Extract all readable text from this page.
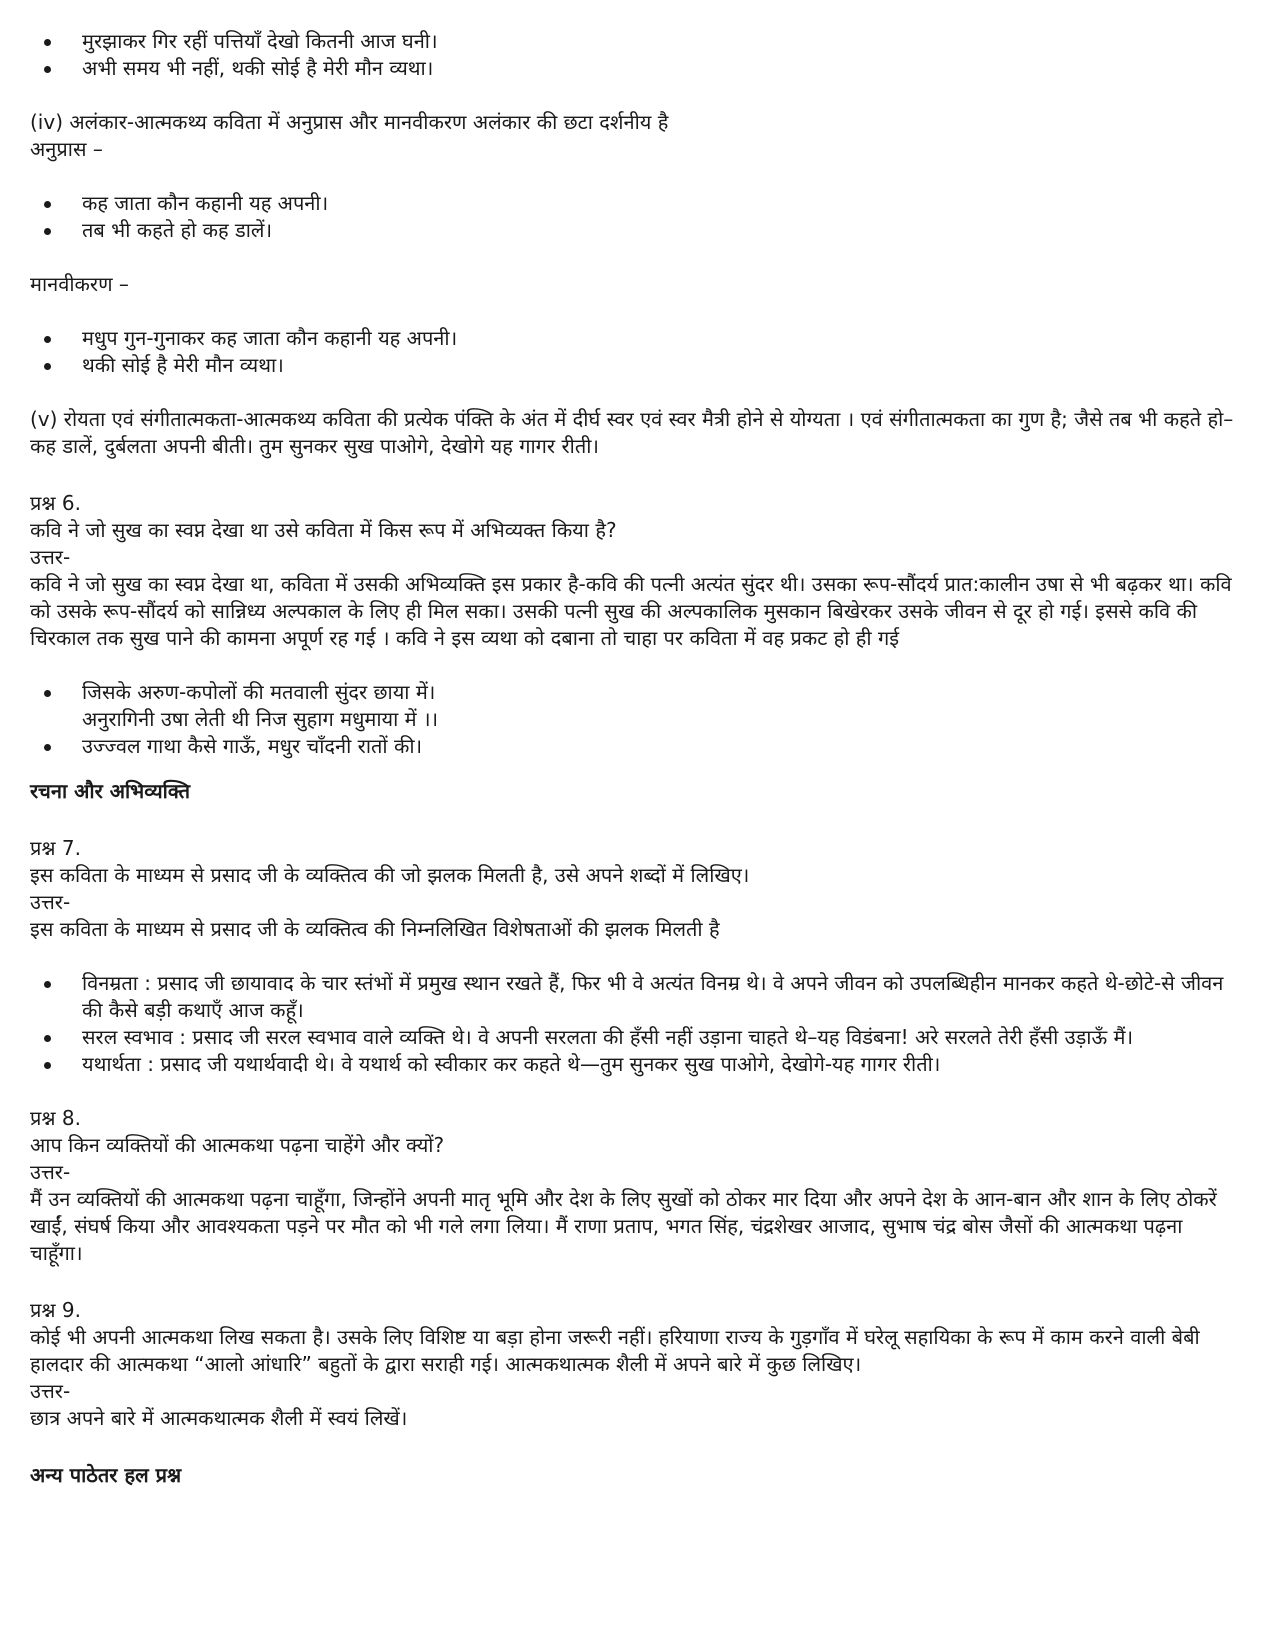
मुरझाकर गिर रहीं पत्तियाँ देखो कितनी आज घनी।
अभी समय भी नहीं, थकी सोई है मेरी मौन व्यथा।

(iv) अलंकार-आत्मकथ्य कविता में अनुप्रास और मानवीकरण अलंकार की छटा दर्शनीय है

अनुप्रास –

कह जाता कौन कहानी यह अपनी।
तब भी कहते हो कह डालें।

मानवीकरण –

मधुप गुन-गुनाकर कह जाता कौन कहानी यह अपनी।
थकी सोई है मेरी मौन व्यथा।

(v) रोयता एवं संगीतात्मकता-आत्मकथ्य कविता की प्रत्येक पंक्ति के अंत में दीर्घ स्वर एवं स्वर मैत्री होने से योग्यता । एवं संगीतात्मकता का गुण है; जैसे तब भी कहते हो–कह डालें, दुर्बलता अपनी बीती। तुम सुनकर सुख पाओगे, देखोगे यह गागर रीती।

प्रश्न 6.

कवि ने जो सुख का स्वप्न देखा था उसे कविता में किस रूप में अभिव्यक्त किया है?

उत्तर-

कवि ने जो सुख का स्वप्न देखा था, कविता में उसकी अभिव्यक्ति इस प्रकार है-कवि की पत्नी अत्यंत सुंदर थी। उसका रूप-सौंदर्य प्रात:कालीन उषा से भी बढ़कर था। कवि को उसके रूप-सौंदर्य को सान्निध्य अल्पकाल के लिए ही मिल सका। उसकी पत्नी सुख की अल्पकालिक मुसकान बिखेरकर उसके जीवन से दूर हो गई। इससे कवि की चिरकाल तक सुख पाने की कामना अपूर्ण रह गई । कवि ने इस व्यथा को दबाना तो चाहा पर कविता में वह प्रकट हो ही गई

जिसके अरुण-कपोलों की मतवाली सुंदर छाया में।
अनुरागिनी उषा लेती थी निज सुहाग मधुमाया में ।।
उज्ज्वल गाथा कैसे गाऊँ, मधुर चाँदनी रातों की।

रचना और अभिव्यक्ति

प्रश्न 7.

इस कविता के माध्यम से प्रसाद जी के व्यक्तित्व की जो झलक मिलती है, उसे अपने शब्दों में लिखिए।

उत्तर-

इस कविता के माध्यम से प्रसाद जी के व्यक्तित्व की निम्नलिखित विशेषताओं की झलक मिलती है

विनम्रता : प्रसाद जी छायावाद के चार स्तंभों में प्रमुख स्थान रखते हैं, फिर भी वे अत्यंत विनम्र थे। वे अपने जीवन को उपलब्धिहीन मानकर कहते थे-छोटे-से जीवन की कैसे बड़ी कथाएँ आज कहूँ।
सरल स्वभाव : प्रसाद जी सरल स्वभाव वाले व्यक्ति थे। वे अपनी सरलता की हँसी नहीं उड़ाना चाहते थे–यह विडंबना! अरे सरलते तेरी हँसी उड़ाऊँ मैं।
यथार्थता : प्रसाद जी यथार्थवादी थे। वे यथार्थ को स्वीकार कर कहते थे—तुम सुनकर सुख पाओगे, देखोगे-यह गागर रीती।

प्रश्न 8.

आप किन व्यक्तियों की आत्मकथा पढ़ना चाहेंगे और क्यों?

उत्तर-

मैं उन व्यक्तियों की आत्मकथा पढ़ना चाहूँगा, जिन्होंने अपनी मातृ भूमि और देश के लिए सुखों को ठोकर मार दिया और अपने देश के आन-बान और शान के लिए ठोकरें खाईं, संघर्ष किया और आवश्यकता पड़ने पर मौत को भी गले लगा लिया। मैं राणा प्रताप, भगत सिंह, चंद्रशेखर आजाद, सुभाष चंद्र बोस जैसों की आत्मकथा पढ़ना चाहूँगा।

प्रश्न 9.

कोई भी अपनी आत्मकथा लिख सकता है। उसके लिए विशिष्ट या बड़ा होना जरूरी नहीं। हरियाणा राज्य के गुड़गाँव में घरेलू सहायिका के रूप में काम करने वाली बेबी हालदार की आत्मकथा “आलो आंधारि” बहुतों के द्वारा सराही गई। आत्मकथात्मक शैली में अपने बारे में कुछ लिखिए।

उत्तर-

छात्र अपने बारे में आत्मकथात्मक शैली में स्वयं लिखें।

अन्य पाठेतर हल प्रश्न
